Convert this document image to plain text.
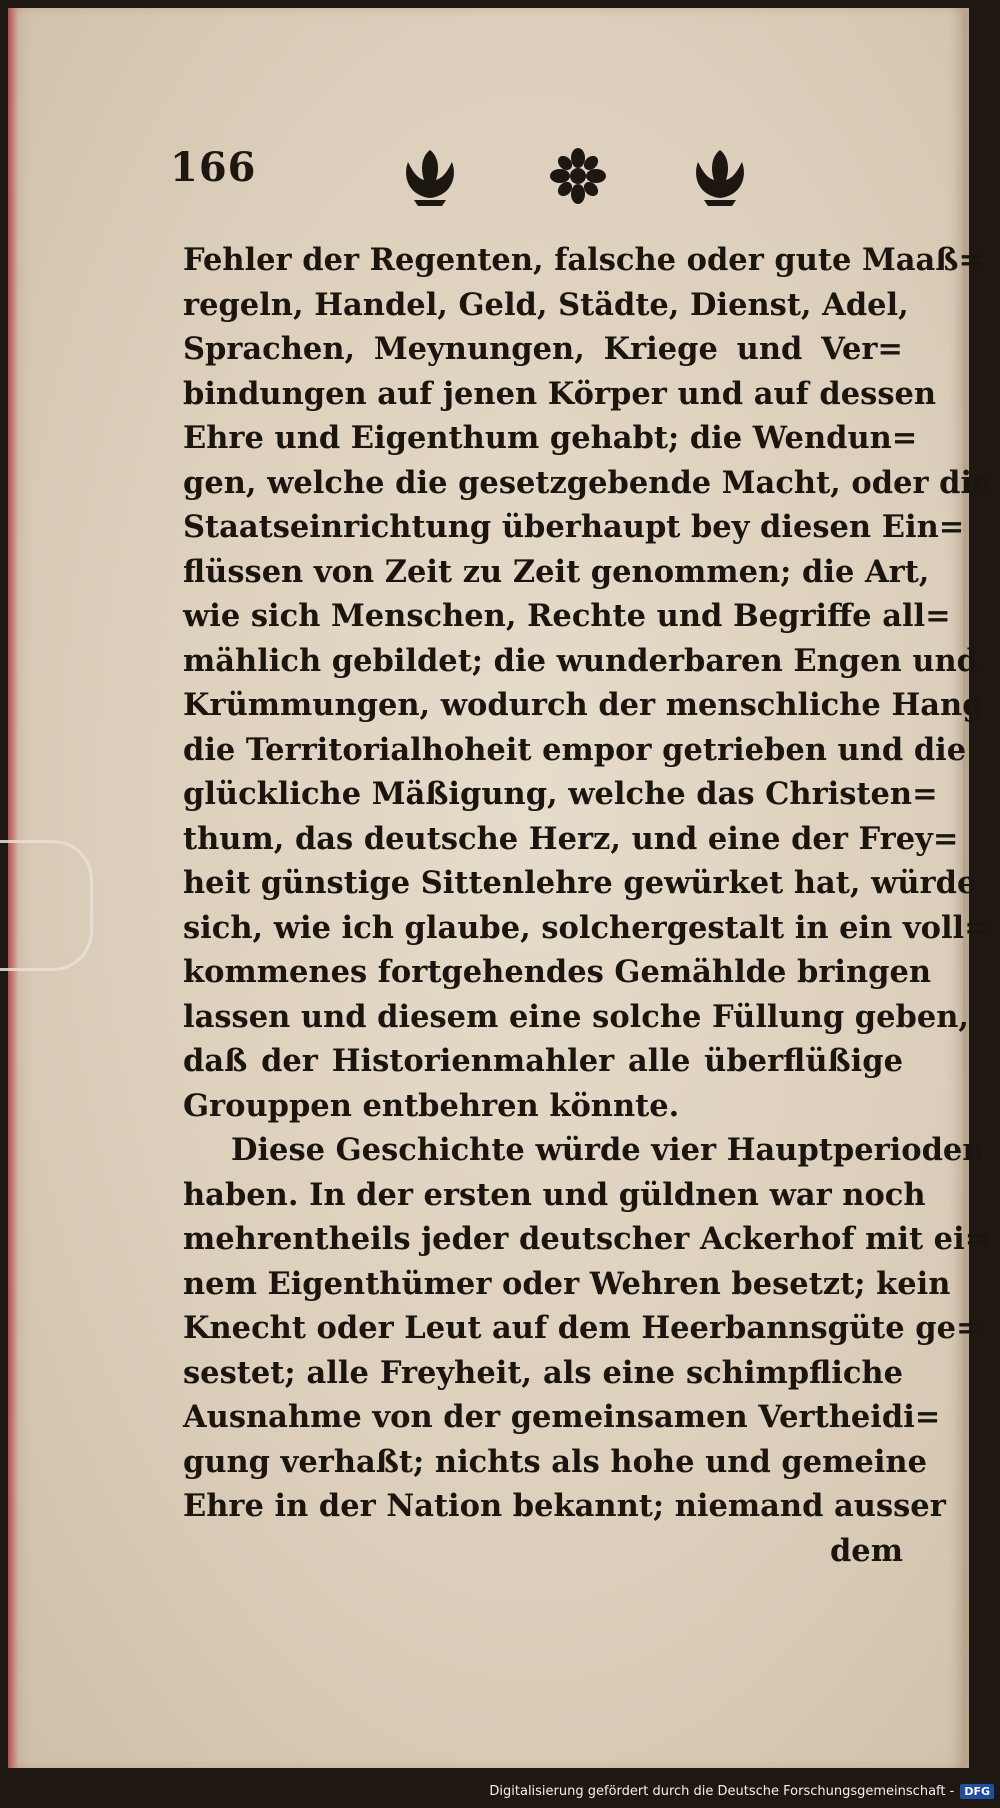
166
Fehler der Regenten, falsche oder gute Maaß=
regeln, Handel, Geld, Städte, Dienst, Adel,
Sprachen, Meynungen, Kriege und Ver=
bindungen auf jenen Körper und auf dessen
Ehre und Eigenthum gehabt; die Wendun=
gen, welche die gesetzgebende Macht, oder die
Staatseinrichtung überhaupt bey diesen Ein=
flüssen von Zeit zu Zeit genommen; die Art,
wie sich Menschen, Rechte und Begriffe all=
mählich gebildet; die wunderbaren Engen und
Krümmungen, wodurch der menschliche Hang
die Territorialhoheit empor getrieben und die
glückliche Mäßigung, welche das Christen=
thum, das deutsche Herz, und eine der Frey=
heit günstige Sittenlehre gewürket hat, würde
sich, wie ich glaube, solchergestalt in ein voll=
kommenes fortgehendes Gemählde bringen
lassen und diesem eine solche Füllung geben,
daß der Historienmahler alle überflüßige
Grouppen entbehren könnte.
Diese Geschichte würde vier Hauptperioden
haben. In der ersten und güldnen war noch
mehrentheils jeder deutscher Ackerhof mit ei=
nem Eigenthümer oder Wehren besetzt; kein
Knecht oder Leut auf dem Heerbannsgüte ge=
sestet; alle Freyheit, als eine schimpfliche
Ausnahme von der gemeinsamen Vertheidi=
gung verhaßt; nichts als hohe und gemeine
Ehre in der Nation bekannt; niemand ausser
dem
Digitalisierung gefördert durch die Deutsche Forschungsgemeinschaft - DFG
